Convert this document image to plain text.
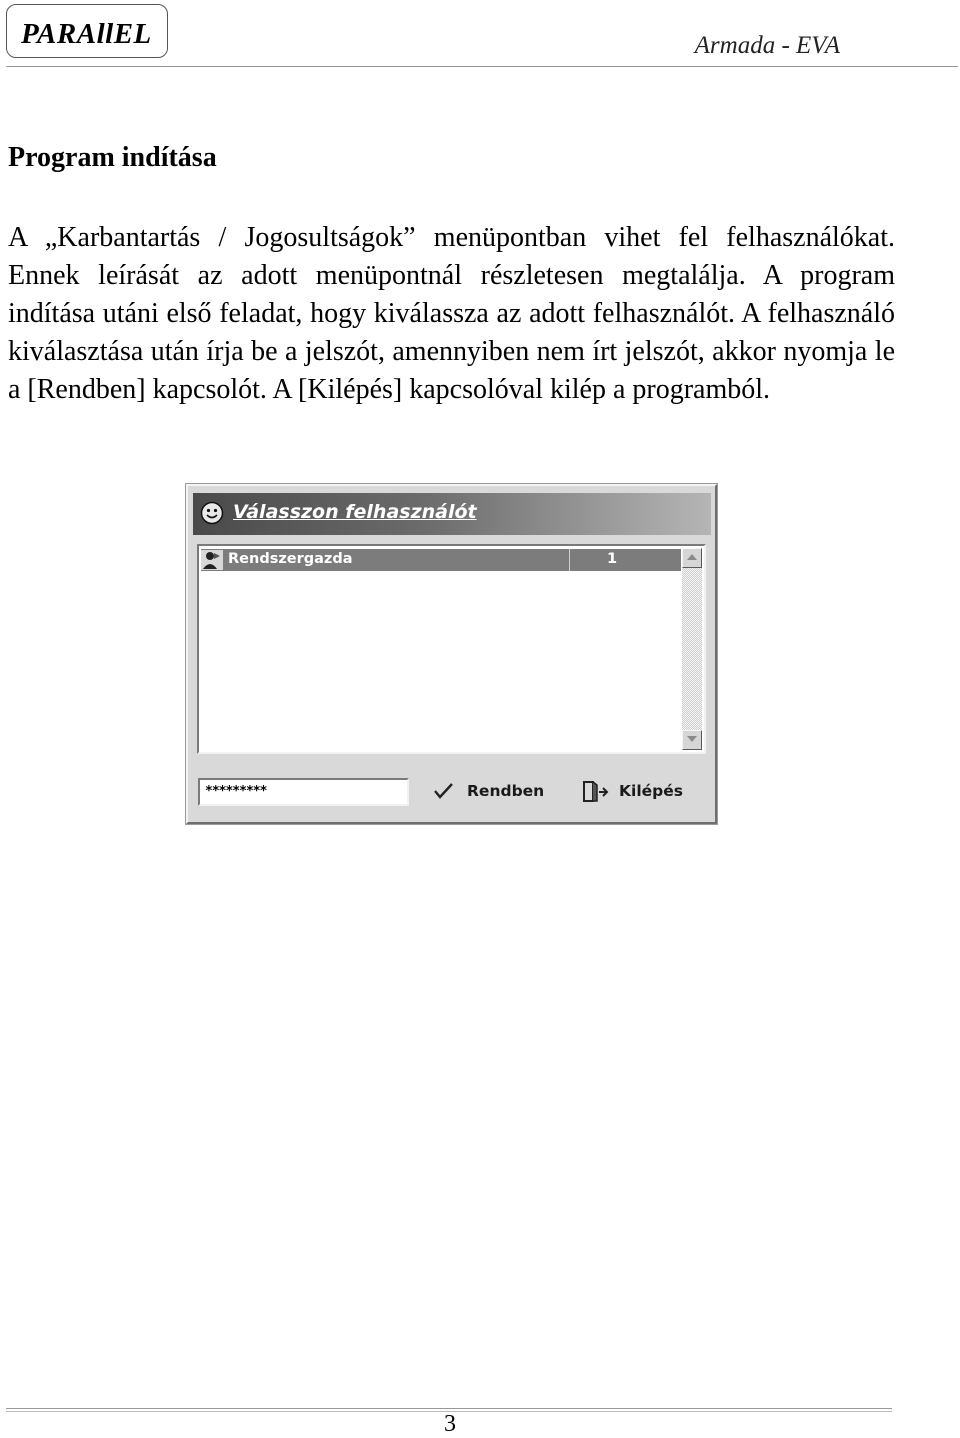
PARAllEL	Armada - EVA
Program indítása
A „Karbantartás / Jogosultságok” menüpontban vihet fel felhasználókat. Ennek leírását az adott menüpontnál részletesen megtalálja. A program indítása utáni első feladat, hogy kiválassza az adott felhasználót. A felhasználó kiválasztása után írja be a jelszót, amennyiben nem írt jelszót, akkor nyomja le a [Rendben] kapcsolót. A [Kilépés] kapcsolóval kilép a programból.
Válasszon felhasználót
Rendszergazda	1
*********	Rendben	Kilépés
3
